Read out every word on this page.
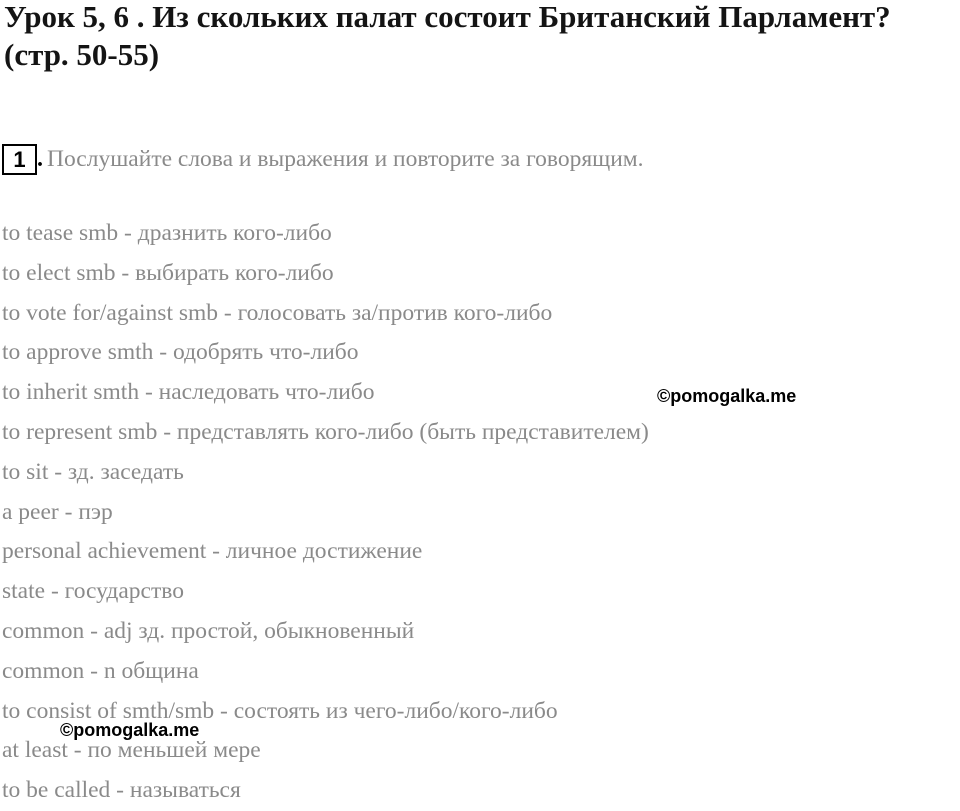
Урок 5, 6 . Из скольких палат состоит Британский Парламент? (стр. 50-55)
1 . Послушайте слова и выражения и повторите за говорящим.
to tease smb - дразнить кого-либо
to elect smb - выбирать кого-либо
to vote for/against smb - голосовать за/против кого-либо
to approve smth - одобрять что-либо
to inherit smth - наследовать что-либо
to represent smb - представлять кого-либо (быть представителем)
to sit - зд. заседать
a peer - пэр
personal achievement - личное достижение
state - государство
common - adj зд. простой, обыкновенный
common - n община
to consist of smth/smb - состоять из чего-либо/кого-либо
at least - по меньшей мере
to be called - называться
©pomogalka.me
©pomogalka.me
